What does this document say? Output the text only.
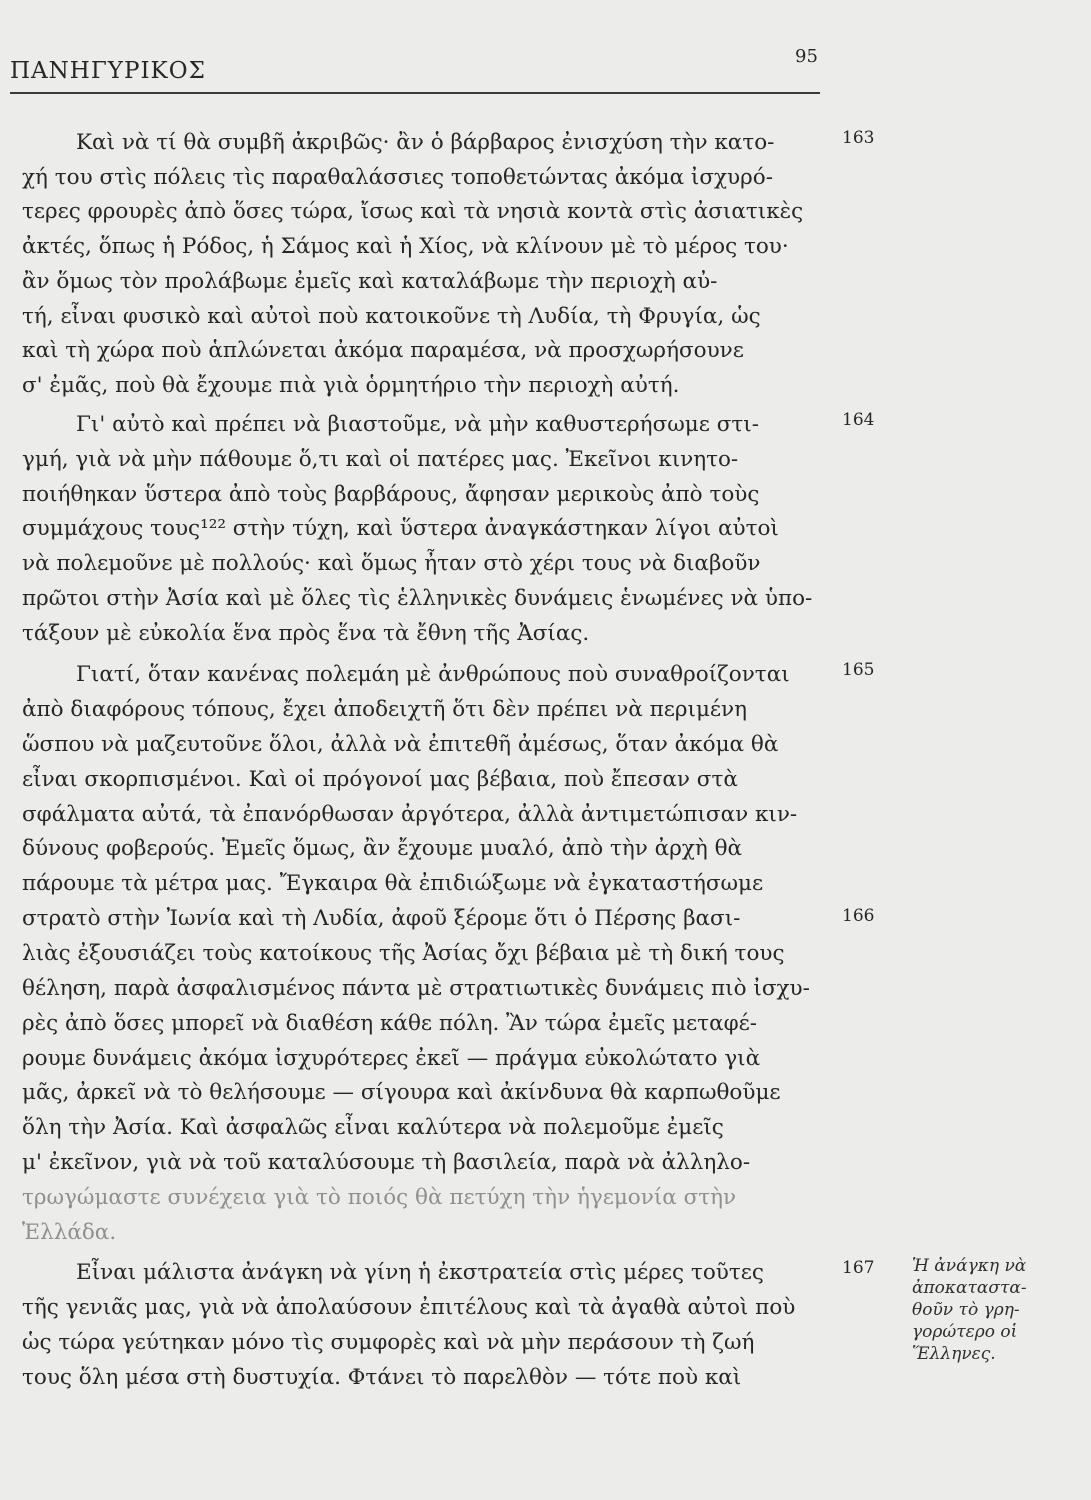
ΠΑΝΗΓΥΡΙΚΟΣ
95
Καὶ νὰ τί θὰ συμβῆ ἀκριβῶς· ἂν ὁ βάρβαρος ἐνισχύση τὴν κατο-
χή του στὶς πόλεις τὶς παραθαλάσσιες τοποθετώντας ἀκόμα ἰσχυρό-
τερες φρουρὲς ἀπὸ ὅσες τώρα, ἴσως καὶ τὰ νησιὰ κοντὰ στὶς ἀσιατικὲς
ἀκτές, ὅπως ἡ Ρόδος, ἡ Σάμος καὶ ἡ Χίος, νὰ κλίνουν μὲ τὸ μέρος του·
ἂν ὅμως τὸν προλάβωμε ἐμεῖς καὶ καταλάβωμε τὴν περιοχὴ αὐ-
τή, εἶναι φυσικὸ καὶ αὐτοὶ ποὺ κατοικοῦνε τὴ Λυδία, τὴ Φρυγία, ὡς
καὶ τὴ χώρα ποὺ ἁπλώνεται ἀκόμα παραμέσα, νὰ προσχωρήσουνε
σ' ἐμᾶς, ποὺ θὰ ἔχουμε πιὰ γιὰ ὁρμητήριο τὴν περιοχὴ αὐτή.
Γι' αὐτὸ καὶ πρέπει νὰ βιαστοῦμε, νὰ μὴν καθυστερήσωμε στι-
γμή, γιὰ νὰ μὴν πάθουμε ὅ,τι καὶ οἱ πατέρες μας. Ἐκεῖνοι κινητο-
ποιήθηκαν ὕστερα ἀπὸ τοὺς βαρβάρους, ἄφησαν μερικοὺς ἀπὸ τοὺς
συμμάχους τους¹²² στὴν τύχη, καὶ ὕστερα ἀναγκάστηκαν λίγοι αὐτοὶ
νὰ πολεμοῦνε μὲ πολλούς· καὶ ὅμως ἦταν στὸ χέρι τους νὰ διαβοῦν
πρῶτοι στὴν Ἀσία καὶ μὲ ὅλες τὶς ἑλληνικὲς δυνάμεις ἑνωμένες νὰ ὑπο-
τάξουν μὲ εὐκολία ἕνα πρὸς ἕνα τὰ ἔθνη τῆς Ἀσίας.
Γιατί, ὅταν κανένας πολεμάη μὲ ἀνθρώπους ποὺ συναθροίζονται
ἀπὸ διαφόρους τόπους, ἔχει ἀποδειχτῆ ὅτι δὲν πρέπει νὰ περιμένη
ὥσπου νὰ μαζευτοῦνε ὅλοι, ἀλλὰ νὰ ἐπιτεθῆ ἀμέσως, ὅταν ἀκόμα θὰ
εἶναι σκορπισμένοι. Καὶ οἱ πρόγονοί μας βέβαια, ποὺ ἔπεσαν στὰ
σφάλματα αὐτά, τὰ ἐπανόρθωσαν ἀργότερα, ἀλλὰ ἀντιμετώπισαν κιν-
δύνους φοβερούς. Ἐμεῖς ὅμως, ἂν ἔχουμε μυαλό, ἀπὸ τὴν ἀρχὴ θὰ
πάρουμε τὰ μέτρα μας. Ἔγκαιρα θὰ ἐπιδιώξωμε νὰ ἐγκαταστήσωμε
στρατὸ στὴν Ἰωνία καὶ τὴ Λυδία, ἀφοῦ ξέρομε ὅτι ὁ Πέρσης βασι-
λιὰς ἐξουσιάζει τοὺς κατοίκους τῆς Ἀσίας ὄχι βέβαια μὲ τὴ δική τους
θέληση, παρὰ ἀσφαλισμένος πάντα μὲ στρατιωτικὲς δυνάμεις πιὸ ἰσχυ-
ρὲς ἀπὸ ὅσες μπορεῖ νὰ διαθέση κάθε πόλη. Ἂν τώρα ἐμεῖς μεταφέ-
ρουμε δυνάμεις ἀκόμα ἰσχυρότερες ἐκεῖ — πράγμα εὐκολώτατο γιὰ
μᾶς, ἀρκεῖ νὰ τὸ θελήσουμε — σίγουρα καὶ ἀκίνδυνα θὰ καρπωθοῦμε
ὅλη τὴν Ἀσία. Καὶ ἀσφαλῶς εἶναι καλύτερα νὰ πολεμοῦμε ἐμεῖς
μ' ἐκεῖνον, γιὰ νὰ τοῦ καταλύσουμε τὴ βασιλεία, παρὰ νὰ ἀλληλο-
τρωγώμαστε συνέχεια γιὰ τὸ ποιός θὰ πετύχη τὴν ἡγεμονία στὴν
Ἑλλάδα.
Εἶναι μάλιστα ἀνάγκη νὰ γίνη ἡ ἐκστρατεία στὶς μέρες τοῦτες
τῆς γενιᾶς μας, γιὰ νὰ ἀπολαύσουν ἐπιτέλους καὶ τὰ ἀγαθὰ αὐτοὶ ποὺ
ὡς τώρα γεύτηκαν μόνο τὶς συμφορὲς καὶ νὰ μὴν περάσουν τὴ ζωή
τους ὅλη μέσα στὴ δυστυχία. Φτάνει τὸ παρελθὸν — τότε ποὺ καὶ
163
164
165
166
167 Ἡ ἀνάγκη νὰ
ἀποκαταστα-
θοῦν τὸ γρη-
γορώτερο οἱ
Ἕλληνες.
